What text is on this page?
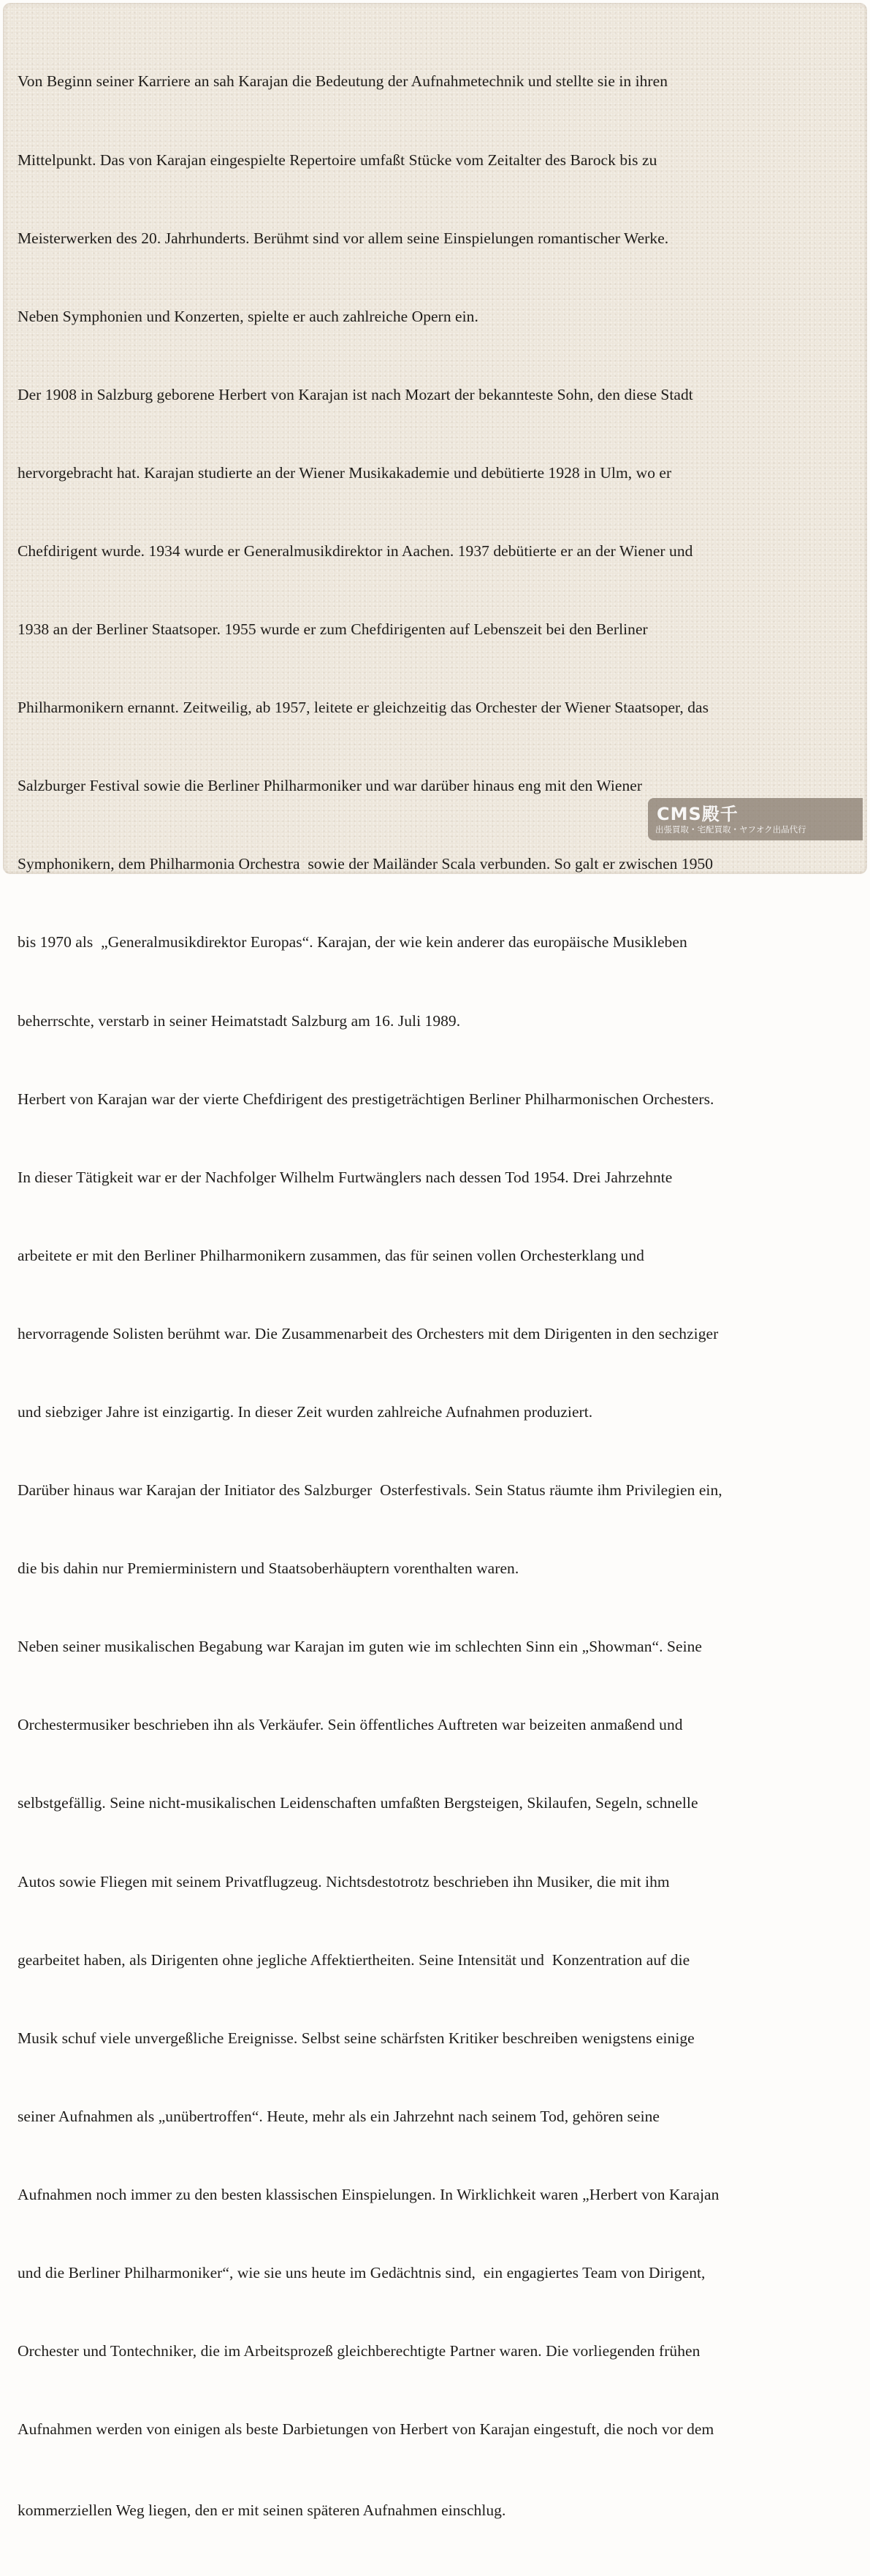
Von Beginn seiner Karriere an sah Karajan die Bedeutung der Aufnahmetechnik und stellte sie in ihren

Mittelpunkt. Das von Karajan eingespielte Repertoire umfaßt Stücke vom Zeitalter des Barock bis zu

Meisterwerken des 20. Jahrhunderts. Berühmt sind vor allem seine Einspielungen romantischer Werke.

Neben Symphonien und Konzerten, spielte er auch zahlreiche Opern ein.

Der 1908 in Salzburg geborene Herbert von Karajan ist nach Mozart der bekannteste Sohn, den diese Stadt

hervorgebracht hat. Karajan studierte an der Wiener Musikakademie und debütierte 1928 in Ulm, wo er

Chefdirigent wurde. 1934 wurde er Generalmusikdirektor in Aachen. 1937 debütierte er an der Wiener und

1938 an der Berliner Staatsoper. 1955 wurde er zum Chefdirigenten auf Lebenszeit bei den Berliner

Philharmonikern ernannt. Zeitweilig, ab 1957, leitete er gleichzeitig das Orchester der Wiener Staatsoper, das

Salzburger Festival sowie die Berliner Philharmoniker und war darüber hinaus eng mit den Wiener

Symphonikern, dem Philharmonia Orchestra  sowie der Mailänder Scala verbunden. So galt er zwischen 1950

bis 1970 als  „Generalmusikdirektor Europas“. Karajan, der wie kein anderer das europäische Musikleben

beherrschte, verstarb in seiner Heimatstadt Salzburg am 16. Juli 1989.

Herbert von Karajan war der vierte Chefdirigent des prestigeträchtigen Berliner Philharmonischen Orchesters.

In dieser Tätigkeit war er der Nachfolger Wilhelm Furtwänglers nach dessen Tod 1954. Drei Jahrzehnte

arbeitete er mit den Berliner Philharmonikern zusammen, das für seinen vollen Orchesterklang und

hervorragende Solisten berühmt war. Die Zusammenarbeit des Orchesters mit dem Dirigenten in den sechziger

und siebziger Jahre ist einzigartig. In dieser Zeit wurden zahlreiche Aufnahmen produziert.

Darüber hinaus war Karajan der Initiator des Salzburger  Osterfestivals. Sein Status räumte ihm Privilegien ein,

die bis dahin nur Premierministern und Staatsoberhäuptern vorenthalten waren.

Neben seiner musikalischen Begabung war Karajan im guten wie im schlechten Sinn ein „Showman“. Seine

Orchestermusiker beschrieben ihn als Verkäufer. Sein öffentliches Auftreten war beizeiten anmaßend und

selbstgefällig. Seine nicht-musikalischen Leidenschaften umfaßten Bergsteigen, Skilaufen, Segeln, schnelle

Autos sowie Fliegen mit seinem Privatflugzeug. Nichtsdestotrotz beschrieben ihn Musiker, die mit ihm

gearbeitet haben, als Dirigenten ohne jegliche Affektiertheiten. Seine Intensität und  Konzentration auf die

Musik schuf viele unvergeßliche Ereignisse. Selbst seine schärfsten Kritiker beschreiben wenigstens einige

seiner Aufnahmen als „unübertroffen“. Heute, mehr als ein Jahrzehnt nach seinem Tod, gehören seine

Aufnahmen noch immer zu den besten klassischen Einspielungen. In Wirklichkeit waren „Herbert von Karajan

und die Berliner Philharmoniker“, wie sie uns heute im Gedächtnis sind,  ein engagiertes Team von Dirigent,

Orchester und Tontechniker, die im Arbeitsprozeß gleichberechtigte Partner waren. Die vorliegenden frühen

Aufnahmen werden von einigen als beste Darbietungen von Herbert von Karajan eingestuft, die noch vor dem

kommerziellen Weg liegen, den er mit seinen späteren Aufnahmen einschlug.

CMS殿千
出張買取・宅配買取・ヤフオク出品代行
